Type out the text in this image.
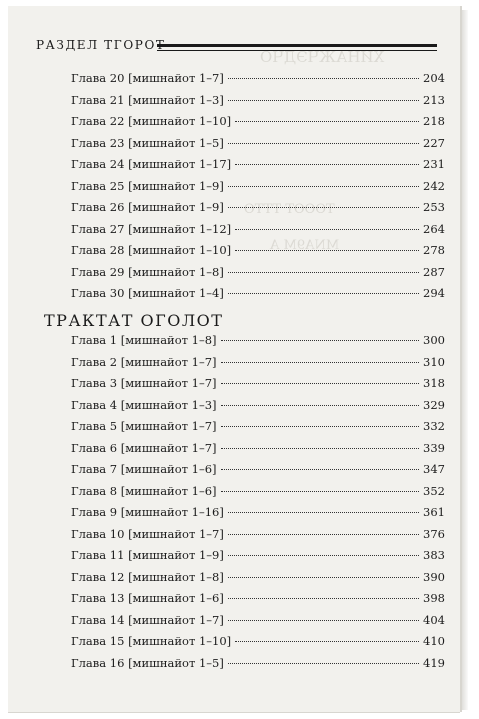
ХИНАЖЧЭДЧО
TOOOT TTTO
MNA9M A
РАЗДЕЛ ТГОРОТ
Глава 20 [мишнайот 1–7]	204
Глава 21 [мишнайот 1–3]	213
Глава 22 [мишнайот 1–10]	218
Глава 23 [мишнайот 1–5]	227
Глава 24 [мишнайот 1–17]	231
Глава 25 [мишнайот 1–9]	242
Глава 26 [мишнайот 1–9]	253
Глава 27 [мишнайот 1–12]	264
Глава 28 [мишнайот 1–10]	278
Глава 29 [мишнайот 1–8]	287
Глава 30 [мишнайот 1–4]	294
ТРАКТАТ ОГОЛОТ
Глава 1 [мишнайот 1–8]	300
Глава 2 [мишнайот 1–7]	310
Глава 3 [мишнайот 1–7]	318
Глава 4 [мишнайот 1–3]	329
Глава 5 [мишнайот 1–7]	332
Глава 6 [мишнайот 1–7]	339
Глава 7 [мишнайот 1–6]	347
Глава 8 [мишнайот 1–6]	352
Глава 9 [мишнайот 1–16]	361
Глава 10 [мишнайот 1–7]	376
Глава 11 [мишнайот 1–9]	383
Глава 12 [мишнайот 1–8]	390
Глава 13 [мишнайот 1–6]	398
Глава 14 [мишнайот 1–7]	404
Глава 15 [мишнайот 1–10]	410
Глава 16 [мишнайот 1–5]	419
